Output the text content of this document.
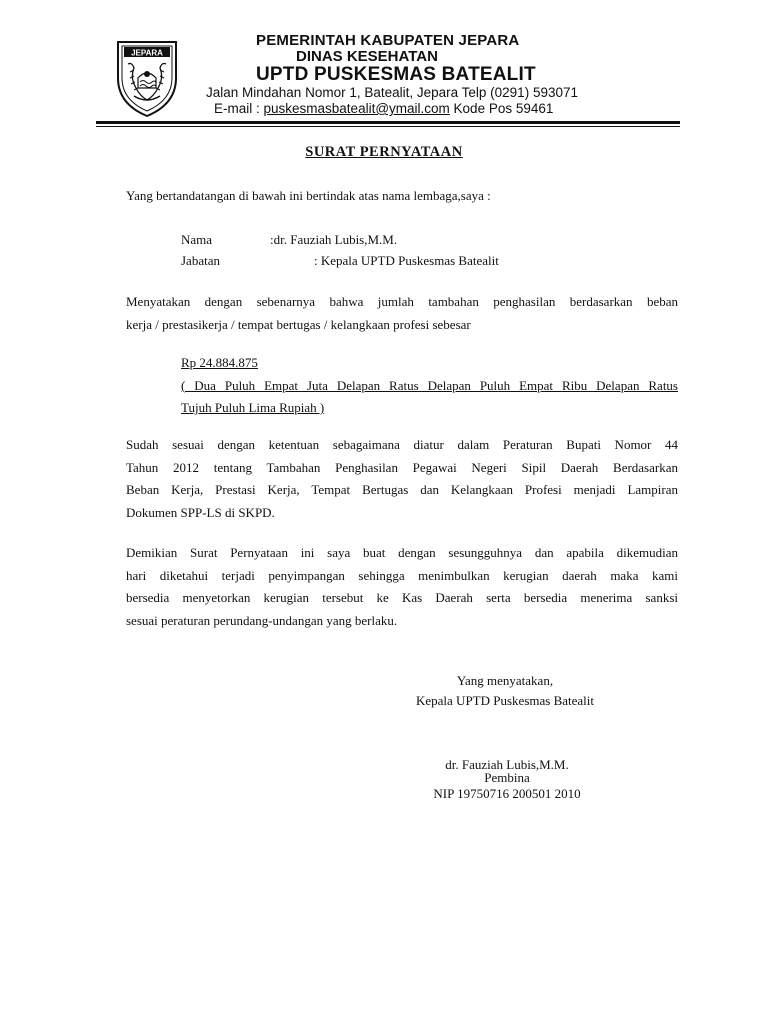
JEPARA
PEMERINTAH KABUPATEN JEPARA
DINAS KESEHATAN
UPTD PUSKESMAS BATEALIT
Jalan Mindahan Nomor 1, Batealit, Jepara Telp (0291) 593071
E-mail : puskesmasbatealit@ymail.com Kode Pos 59461
SURAT PERNYATAAN
Yang bertandatangan di bawah ini bertindak atas nama lembaga,saya :
Nama	:dr. Fauziah Lubis,M.M.
Jabatan	: Kepala UPTD Puskesmas Batealit
Menyatakan dengan sebenarnya bahwa jumlah tambahan penghasilan berdasarkan beban
kerja / prestasikerja / tempat bertugas / kelangkaan profesi sebesar
Rp 24.884.875
( Dua Puluh Empat Juta Delapan Ratus Delapan Puluh Empat Ribu Delapan Ratus
Tujuh Puluh Lima Rupiah )
Sudah sesuai dengan ketentuan sebagaimana diatur dalam Peraturan Bupati Nomor 44
Tahun 2012 tentang Tambahan Penghasilan Pegawai Negeri Sipil Daerah Berdasarkan
Beban Kerja, Prestasi Kerja, Tempat Bertugas dan Kelangkaan Profesi menjadi Lampiran
Dokumen SPP-LS di SKPD.
Demikian Surat Pernyataan ini saya buat dengan sesungguhnya dan apabila dikemudian
hari diketahui terjadi penyimpangan sehingga menimbulkan kerugian daerah maka kami
bersedia menyetorkan kerugian tersebut ke Kas Daerah serta bersedia menerima sanksi
sesuai peraturan perundang-undangan yang berlaku.
Yang menyatakan,
Kepala UPTD Puskesmas Batealit
dr. Fauziah Lubis,M.M.
Pembina
NIP 19750716 200501 2010
